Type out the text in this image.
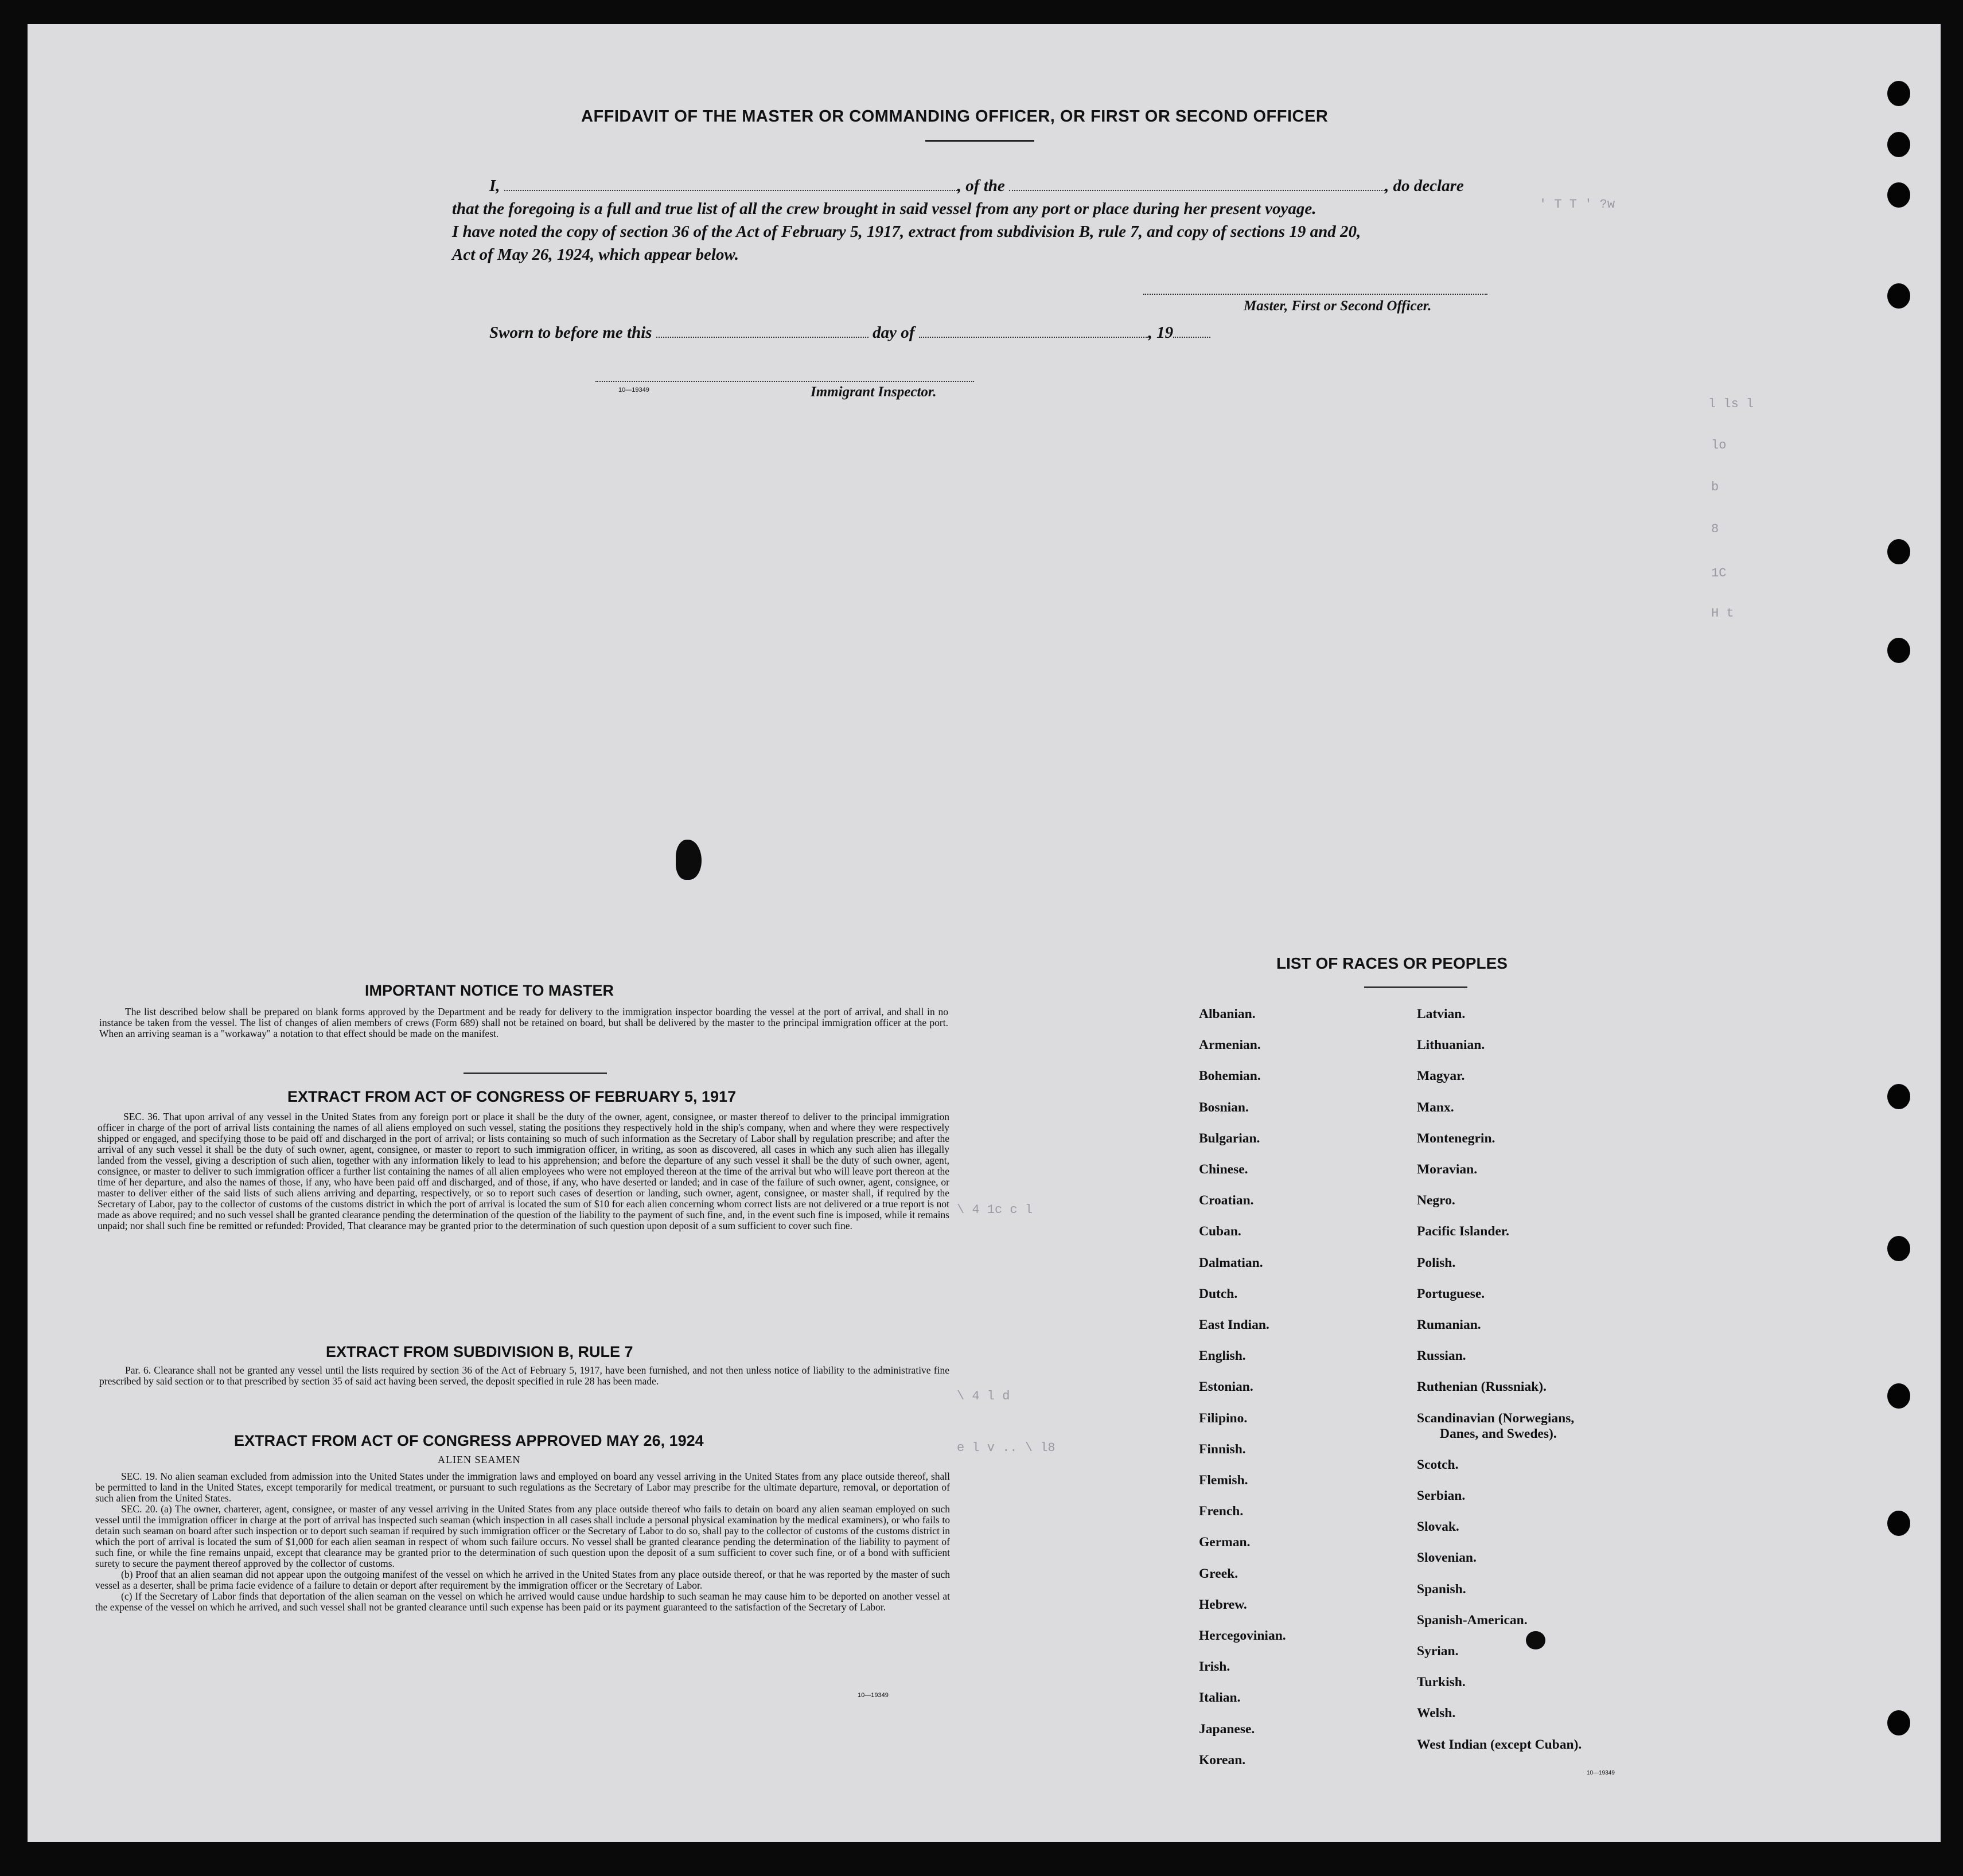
AFFIDAVIT OF THE MASTER OR COMMANDING OFFICER, OR FIRST OR SECOND OFFICER
I,	, of the	, do declare
that the foregoing is a full and true list of all the crew brought in said vessel from any port or place during her present voyage.
I have noted the copy of section 36 of the Act of February 5, 1917, extract from subdivision B, rule 7, and copy of sections 19 and 20,
Act of May 26, 1924, which appear below.
Master, First or Second Officer.
Sworn to before me this	day of	, 19
10—19349	Immigrant Inspector.
IMPORTANT NOTICE TO MASTER

The list described below shall be prepared on blank forms approved by the Department and be ready for delivery to the immigration inspector boarding the vessel at the port of arrival, and shall in no instance be taken from the vessel. The list of changes of alien members of crews (Form 689) shall not be retained on board, but shall be delivered by the master to the principal immigration officer at the port. When an arriving seaman is a "workaway" a notation to that effect should be made on the manifest.

EXTRACT FROM ACT OF CONGRESS OF FEBRUARY 5, 1917

SEC. 36. That upon arrival of any vessel in the United States from any foreign port or place it shall be the duty of the owner, agent, consignee, or master thereof to deliver to the principal immigration officer in charge of the port of arrival lists containing the names of all aliens employed on such vessel, stating the positions they respectively hold in the ship's company, when and where they were respectively shipped or engaged, and specifying those to be paid off and discharged in the port of arrival; or lists containing so much of such information as the Secretary of Labor shall by regulation prescribe; and after the arrival of any such vessel it shall be the duty of such owner, agent, consignee, or master to report to such immigration officer, in writing, as soon as discovered, all cases in which any such alien has illegally landed from the vessel, giving a description of such alien, together with any information likely to lead to his apprehension; and before the departure of any such vessel it shall be the duty of such owner, agent, consignee, or master to deliver to such immigration officer a further list containing the names of all alien employees who were not employed thereon at the time of the arrival but who will leave port thereon at the time of her departure, and also the names of those, if any, who have been paid off and discharged, and of those, if any, who have deserted or landed; and in case of the failure of such owner, agent, consignee, or master to deliver either of the said lists of such aliens arriving and departing, respectively, or so to report such cases of desertion or landing, such owner, agent, consignee, or master shall, if required by the Secretary of Labor, pay to the collector of customs of the customs district in which the port of arrival is located the sum of $10 for each alien concerning whom correct lists are not delivered or a true report is not made as above required; and no such vessel shall be granted clearance pending the determination of the question of the liability to the payment of such fine, and, in the event such fine is imposed, while it remains unpaid; nor shall such fine be remitted or refunded: Provided, That clearance may be granted prior to the determination of such question upon deposit of a sum sufficient to cover such fine.

EXTRACT FROM SUBDIVISION B, RULE 7

Par. 6. Clearance shall not be granted any vessel until the lists required by section 36 of the Act of February 5, 1917, have been furnished, and not then unless notice of liability to the administrative fine prescribed by said section or to that prescribed by section 35 of said act having been served, the deposit specified in rule 28 has been made.

EXTRACT FROM ACT OF CONGRESS APPROVED MAY 26, 1924
ALIEN SEAMEN

SEC. 19. No alien seaman excluded from admission into the United States under the immigration laws and employed on board any vessel arriving in the United States from any place outside thereof, shall be permitted to land in the United States, except temporarily for medical treatment, or pursuant to such regulations as the Secretary of Labor may prescribe for the ultimate departure, removal, or deportation of such alien from the United States.

SEC. 20. (a) The owner, charterer, agent, consignee, or master of any vessel arriving in the United States from any place outside thereof who fails to detain on board any alien seaman employed on such vessel until the immigration officer in charge at the port of arrival has inspected such seaman (which inspection in all cases shall include a personal physical examination by the medical examiners), or who fails to detain such seaman on board after such inspection or to deport such seaman if required by such immigration officer or the Secretary of Labor to do so, shall pay to the collector of customs of the customs district in which the port of arrival is located the sum of $1,000 for each alien seaman in respect of whom such failure occurs. No vessel shall be granted clearance pending the determination of the liability to payment of such fine, or while the fine remains unpaid, except that clearance may be granted prior to the determination of such question upon the deposit of a sum sufficient to cover such fine, or of a bond with sufficient surety to secure the payment thereof approved by the collector of customs.

(b) Proof that an alien seaman did not appear upon the outgoing manifest of the vessel on which he arrived in the United States from any place outside thereof, or that he was reported by the master of such vessel as a deserter, shall be prima facie evidence of a failure to detain or deport after requirement by the immigration officer or the Secretary of Labor.

(c) If the Secretary of Labor finds that deportation of the alien seaman on the vessel on which he arrived would cause undue hardship to such seaman he may cause him to be deported on another vessel at the expense of the vessel on which he arrived, and such vessel shall not be granted clearance until such expense has been paid or its payment guaranteed to the satisfaction of the Secretary of Labor.

10—19349
LIST OF RACES OR PEOPLES
Albanian.
Armenian.
Bohemian.
Bosnian.
Bulgarian.
Chinese.
Croatian.
Cuban.
Dalmatian.
Dutch.
East Indian.
English.
Estonian.
Filipino.
Finnish.
Flemish.
French.
German.
Greek.
Hebrew.
Hercegovinian.
Irish.
Italian.
Japanese.
Korean.
Latvian.
Lithuanian.
Magyar.
Manx.
Montenegrin.
Moravian.
Negro.
Pacific Islander.
Polish.
Portuguese.
Rumanian.
Russian.
Ruthenian (Russniak).
Scandinavian (Norwegians,
Danes, and Swedes).
Scotch.
Serbian.
Slovak.
Slovenian.
Spanish.
Spanish-American.
Syrian.
Turkish.
Welsh.
West Indian (except Cuban).
10—19349
' T T ' ?w
l ls l
lo
b
8
1C
H t
\ 4 1c c l
\ 4 l d
e l v .. \ l8
